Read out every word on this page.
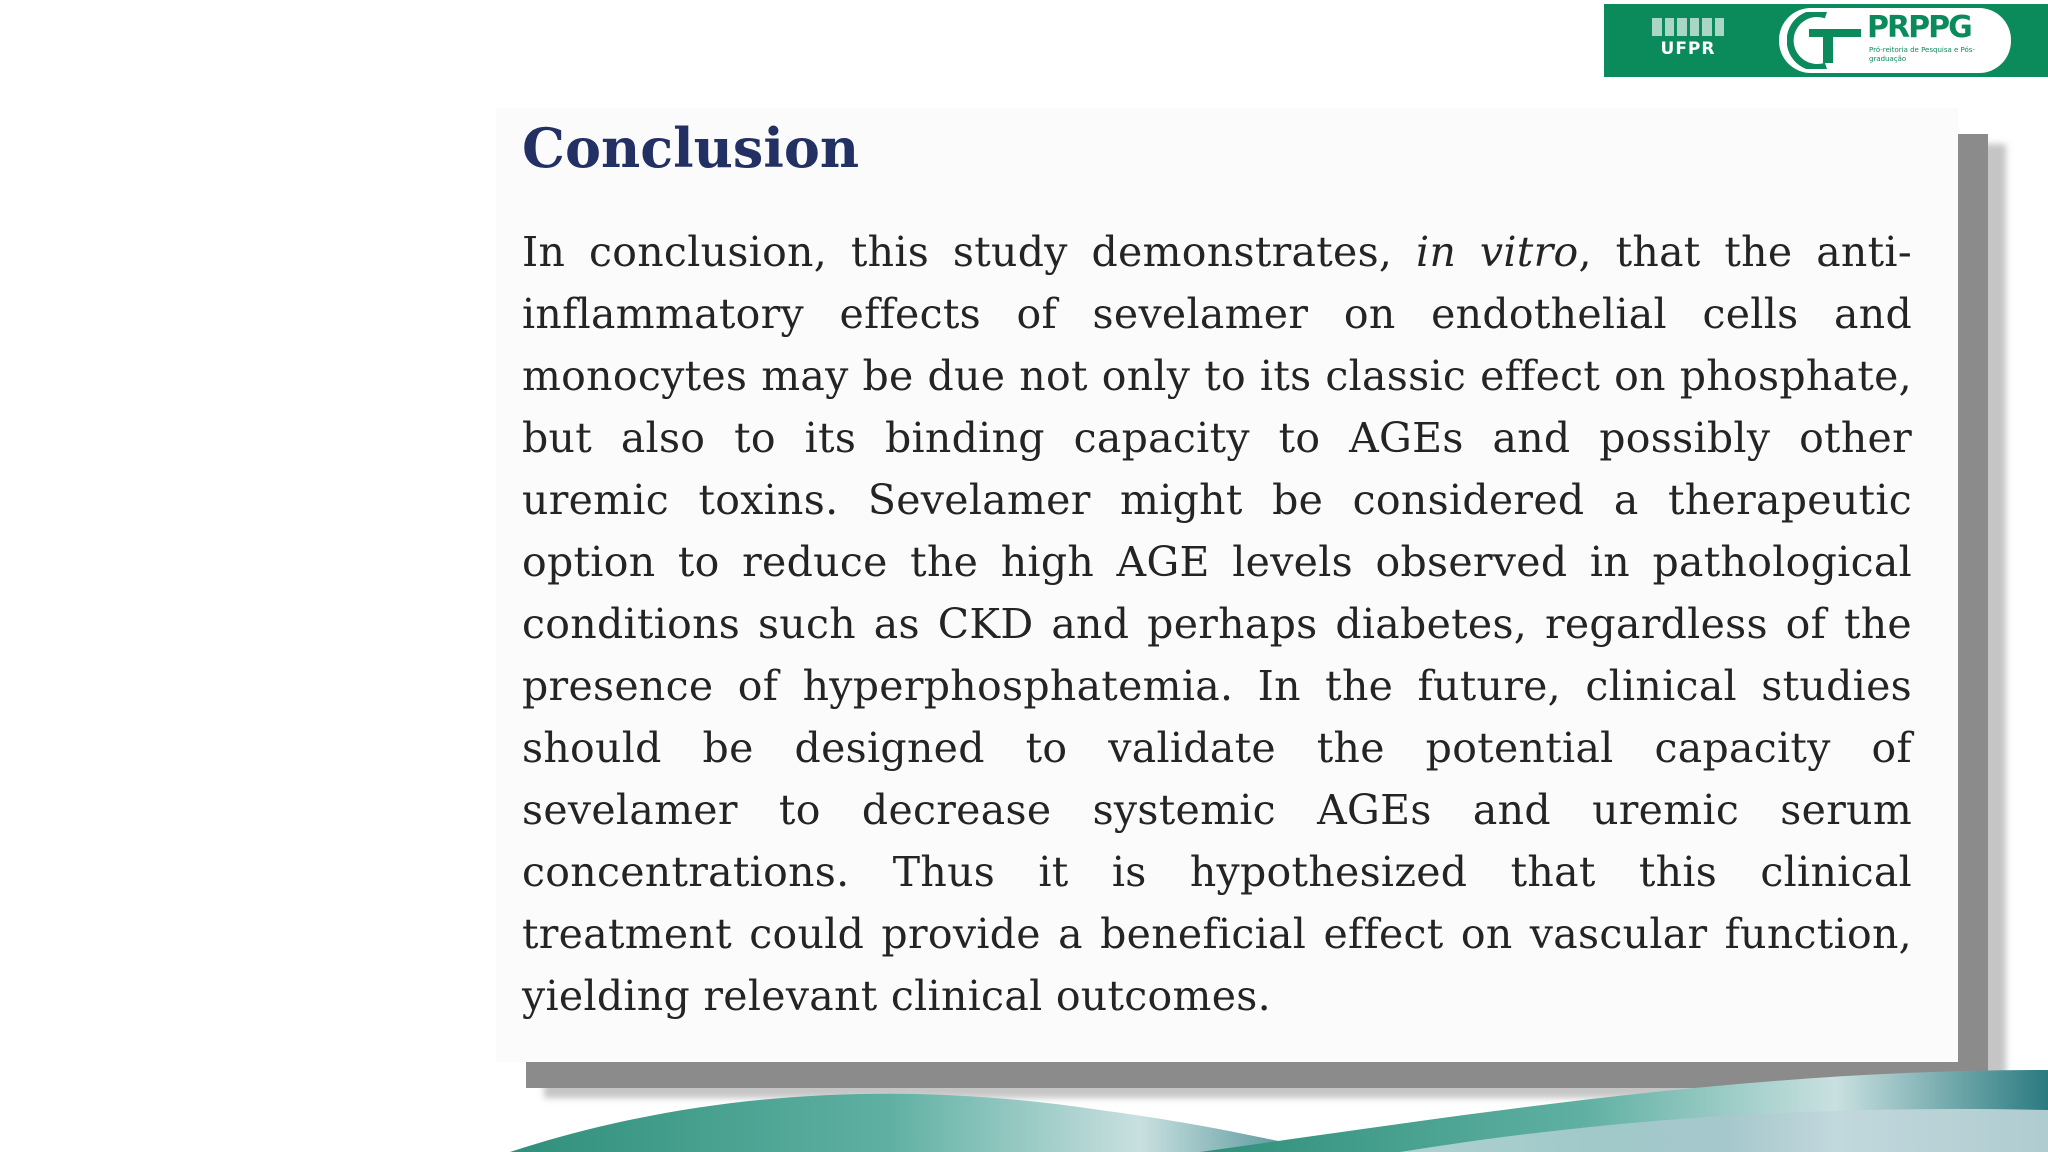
UFPR
PRPPG
Pró-reitoria de Pesquisa e Pós-graduação
Conclusion

In conclusion, this study demonstrates, in vitro, that the anti-inflammatory effects of sevelamer on endothelial cells and monocytes may be due not only to its classic effect on phosphate, but also to its binding capacity to AGEs and possibly other uremic toxins. Sevelamer might be considered a therapeutic option to reduce the high AGE levels observed in pathological conditions such as CKD and perhaps diabetes, regardless of the presence of hyperphosphatemia. In the future, clinical studies should be designed to validate the potential capacity of sevelamer to decrease systemic AGEs and uremic serum concentrations. Thus it is hypothesized that this clinical treatment could provide a beneficial effect on vascular function, yielding relevant clinical outcomes.
